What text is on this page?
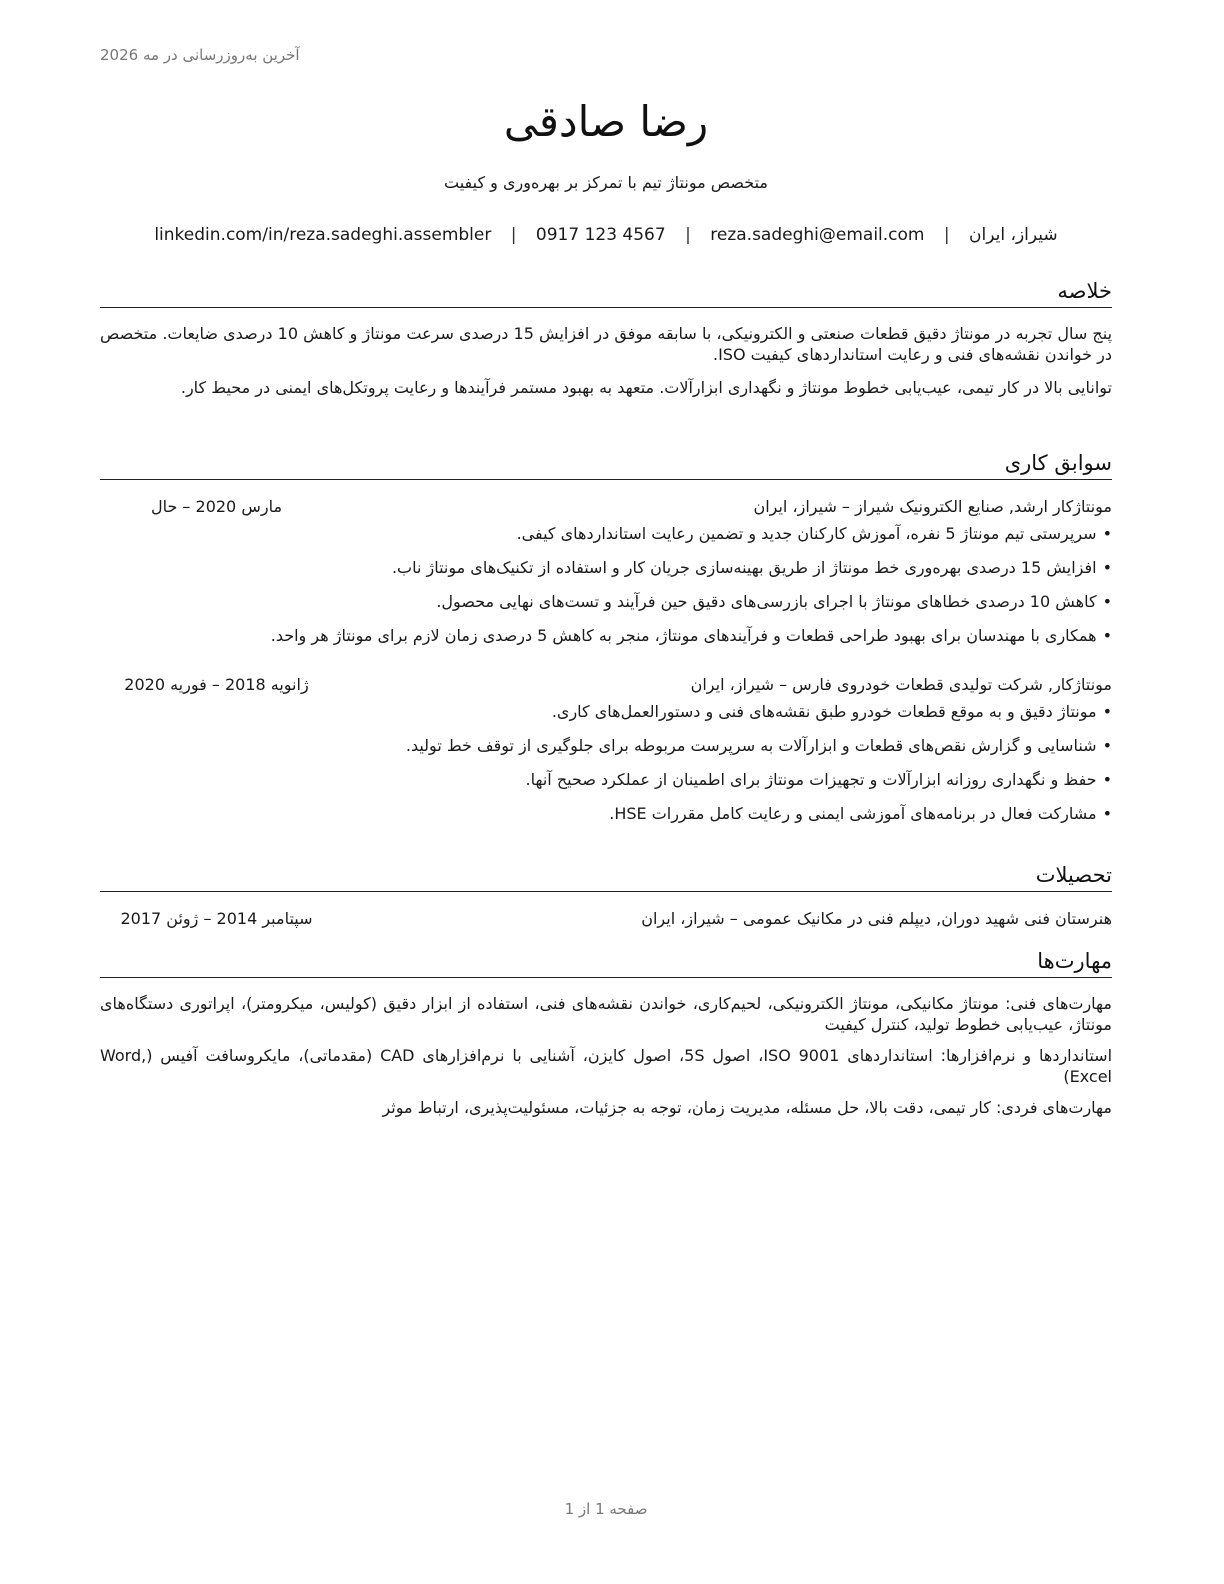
آخرین به‌روزرسانی در مه 2026
رضا صادقی
متخصص مونتاژ تیم با تمرکز بر بهره‌وری و کیفیت
شیراز، ایران | reza.sadeghi@email.com | 0917 123 4567 | linkedin.com/in/reza.sadeghi.assembler
خلاصه

پنج سال تجربه در مونتاژ دقیق قطعات صنعتی و الکترونیکی، با سابقه موفق در افزایش 15 درصدی سرعت مونتاژ و کاهش 10 درصدی ضایعات. متخصص در خواندن نقشه‌های فنی و رعایت استانداردهای کیفیت ISO.

توانایی بالا در کار تیمی، عیب‌یابی خطوط مونتاژ و نگهداری ابزارآلات. متعهد به بهبود مستمر فرآیندها و رعایت پروتکل‌های ایمنی در محیط کار.

سوابق کاری
مونتاژکار ارشد, صنایع الکترونیک شیراز – شیراز، ایران
مارس 2020 – حال
•سرپرستی تیم مونتاژ 5 نفره، آموزش کارکنان جدید و تضمین رعایت استانداردهای کیفی.
•افزایش 15 درصدی بهره‌وری خط مونتاژ از طریق بهینه‌سازی جریان کار و استفاده از تکنیک‌های مونتاژ ناب.
•کاهش 10 درصدی خطاهای مونتاژ با اجرای بازرسی‌های دقیق حین فرآیند و تست‌های نهایی محصول.
•همکاری با مهندسان برای بهبود طراحی قطعات و فرآیندهای مونتاژ، منجر به کاهش 5 درصدی زمان لازم برای مونتاژ هر واحد.
مونتاژکار, شرکت تولیدی قطعات خودروی فارس – شیراز، ایران
ژانویه 2018 – فوریه 2020
•مونتاژ دقیق و به موقع قطعات خودرو طبق نقشه‌های فنی و دستورالعمل‌های کاری.
•شناسایی و گزارش نقص‌های قطعات و ابزارآلات به سرپرست مربوطه برای جلوگیری از توقف خط تولید.
•حفظ و نگهداری روزانه ابزارآلات و تجهیزات مونتاژ برای اطمینان از عملکرد صحیح آنها.
•مشارکت فعال در برنامه‌های آموزشی ایمنی و رعایت کامل مقررات HSE.
تحصیلات
هنرستان فنی شهید دوران, دیپلم فنی در مکانیک عمومی – شیراز، ایران
سپتامبر 2014 – ژوئن 2017
مهارت‌ها

مهارت‌های فنی: مونتاژ مکانیکی، مونتاژ الکترونیکی، لحیم‌کاری، خواندن نقشه‌های فنی، استفاده از ابزار دقیق (کولیس، میکرومتر)، اپراتوری دستگاه‌های مونتاژ، عیب‌یابی خطوط تولید، کنترل کیفیت

استانداردها و نرم‌افزارها: استانداردهای ISO 9001، اصول 5S، اصول کایزن، آشنایی با نرم‌افزارهای CAD (مقدماتی)، مایکروسافت آفیس (Word, Excel)

مهارت‌های فردی: کار تیمی، دقت بالا، حل مسئله، مدیریت زمان، توجه به جزئیات، مسئولیت‌پذیری، ارتباط موثر

صفحه 1 از 1
